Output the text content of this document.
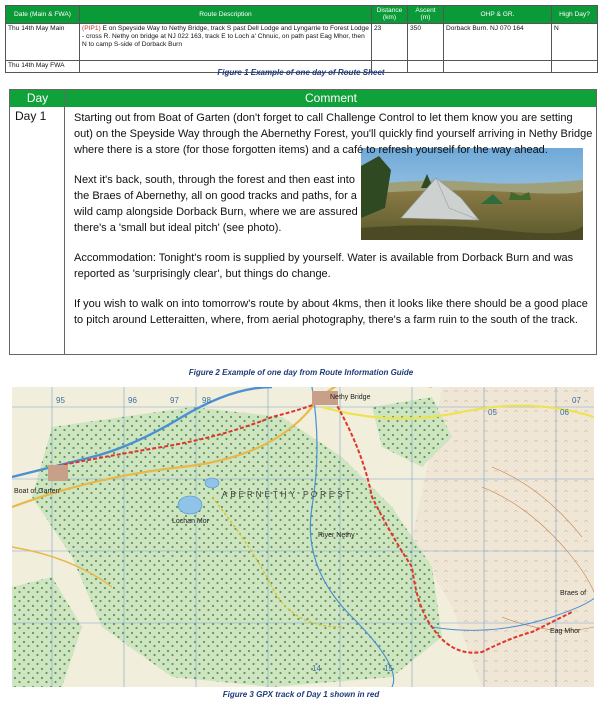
Date (Main & FWA)	Route Description	Distance (km)	Ascent (m)	OHP & GR.	High Day?
Thu 14th May Main	(PIP1) E on Speyside Way to Nethy Bridge, track S past Dell Lodge and Lyngarrie to Forest Lodge - cross R. Nethy on bridge at NJ 022 163, track E to Loch a' Chnuic, on path past Eag Mhor, then N to camp S-side of Dorback Burn	23	350	Dorback Burn. NJ 070 164	N
Thu 14th May FWA					
Figure 1 Example of one day of Route Sheet
Day	Comment
Day 1	Starting out from Boat of Garten (don't forget to call Challenge Control to let them know you are setting out) on the Speyside Way through the Abernethy Forest, you'll quickly find yourself arriving in Nethy Bridge where there is a store (for those forgotten items) and a café to refresh yourself for the way ahead.

Next it's back, south, through the forest and then east into the Braes of Abernethy, all on good tracks and paths, for a wild camp alongside Dorback Burn, where we are assured there's a 'small but ideal pitch' (see photo).

Accommodation: Tonight's room is supplied by yourself. Water is available from Dorback Burn and was reported as 'surprisingly clear', but things do change.

If you wish to walk on into tomorrow's route by about 4kms, then it looks like there should be a good place to pitch around Letteraitten, where, from aerial photography, there's a farm ruin to the south of the track.

Figure 2 Example of one day from Route Information Guide
95	96	97	98
05	06
07
14	15
Boat of Garten
Nethy Bridge
ABERNETHY FOREST
Braes of
Eag Mhor
Lochan Mor
River Nethy
Figure 3 GPX track of Day 1 shown in red
